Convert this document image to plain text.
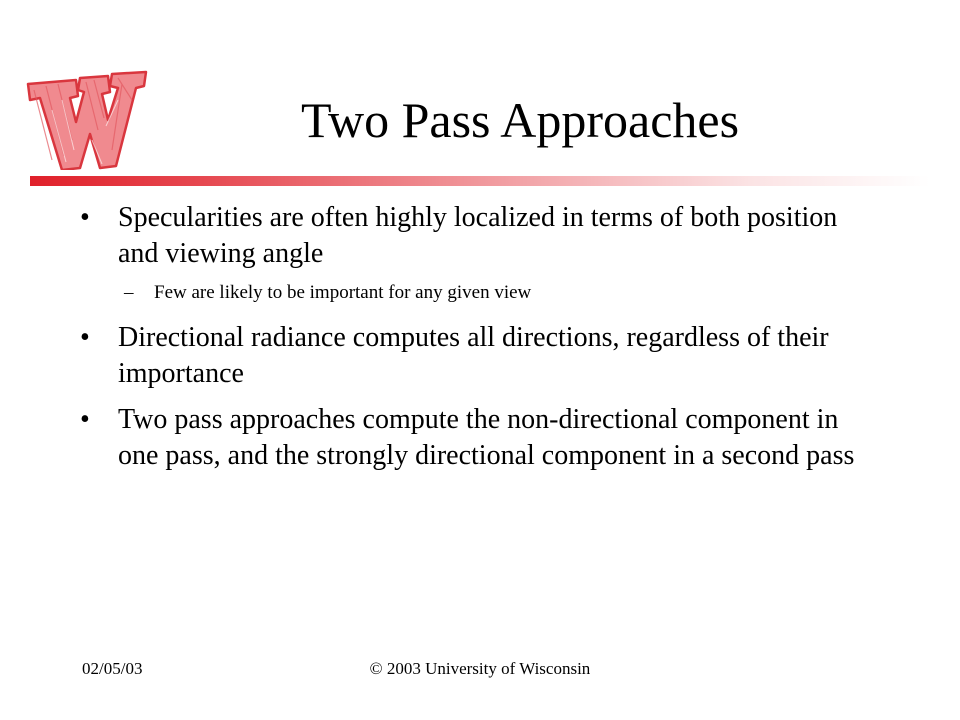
Two Pass Approaches
• Specularities are often highly localized in terms of both position and viewing angle
– Few are likely to be important for any given view
• Directional radiance computes all directions, regardless of their importance
• Two pass approaches compute the non-directional component in one pass, and the strongly directional component in a second pass
02/05/03	© 2003 University of Wisconsin
